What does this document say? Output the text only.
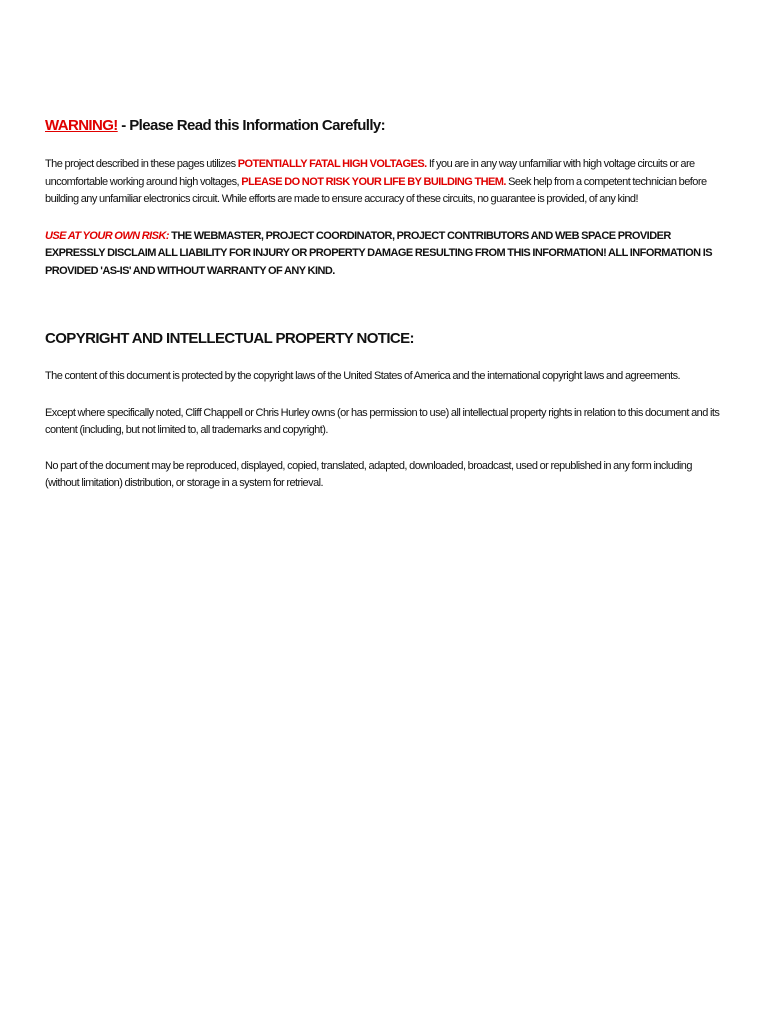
WARNING! - Please Read this Information Carefully:

The project described in these pages utilizes POTENTIALLY FATAL HIGH VOLTAGES. If you are in any way unfamiliar with high voltage circuits or are uncomfortable working around high voltages, PLEASE DO NOT RISK YOUR LIFE BY BUILDING THEM. Seek help from a competent technician before building any unfamiliar electronics circuit. While efforts are made to ensure accuracy of these circuits, no guarantee is provided, of any kind!

USE AT YOUR OWN RISK: THE WEBMASTER, PROJECT COORDINATOR, PROJECT CONTRIBUTORS AND WEB SPACE PROVIDER EXPRESSLY DISCLAIM ALL LIABILITY FOR INJURY OR PROPERTY DAMAGE RESULTING FROM THIS INFORMATION! ALL INFORMATION IS PROVIDED 'AS-IS' AND WITHOUT WARRANTY OF ANY KIND.

COPYRIGHT AND INTELLECTUAL PROPERTY NOTICE:

The content of this document is protected by the copyright laws of the United States of America and the international copyright laws and agreements.

Except where specifically noted, Cliff Chappell or Chris Hurley owns (or has permission to use) all intellectual property rights in relation to this document and its content (including, but not limited to, all trademarks and copyright).

No part of the document may be reproduced, displayed, copied, translated, adapted, downloaded, broadcast, used or republished in any form including (without limitation) distribution, or storage in a system for retrieval.
